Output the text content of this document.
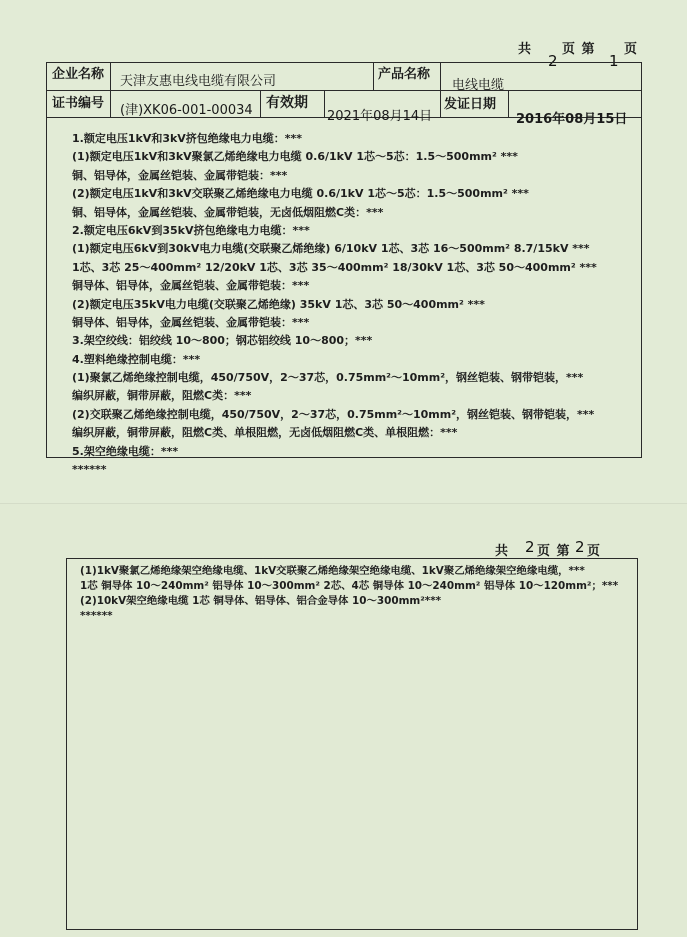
共 页 第 页
2	1
企业名称 天津友惠电线电缆有限公司	产品名称
电线电缆
证书编号 (津)XK06-001-00034 有效期
2021年08月14日
发证日期
2016年08月15日
1.额定电压1kV和3kV挤包绝缘电力电缆：***
(1)额定电压1kV和3kV聚氯乙烯绝缘电力电缆 0.6/1kV 1芯～5芯：1.5～500mm² ***
铜、铝导体，金属丝铠装、金属带铠装：***
(2)额定电压1kV和3kV交联聚乙烯绝缘电力电缆 0.6/1kV 1芯～5芯：1.5～500mm² ***
铜、铝导体，金属丝铠装、金属带铠装，无卤低烟阻燃C类：***
2.额定电压6kV到35kV挤包绝缘电力电缆：***
(1)额定电压6kV到30kV电力电缆(交联聚乙烯绝缘) 6/10kV 1芯、3芯 16～500mm² 8.7/15kV ***
1芯、3芯 25～400mm² 12/20kV 1芯、3芯 35～400mm² 18/30kV 1芯、3芯 50～400mm² ***
铜导体、铝导体，金属丝铠装、金属带铠装：***
(2)额定电压35kV电力电缆(交联聚乙烯绝缘) 35kV 1芯、3芯 50～400mm² ***
铜导体、铝导体，金属丝铠装、金属带铠装：***
3.架空绞线：铝绞线 10～800；钢芯铝绞线 10～800；***
4.塑料绝缘控制电缆：***
(1)聚氯乙烯绝缘控制电缆，450/750V，2～37芯，0.75mm²～10mm²，钢丝铠装、钢带铠装，***
编织屏蔽，铜带屏蔽，阻燃C类：***
(2)交联聚乙烯绝缘控制电缆，450/750V，2～37芯，0.75mm²～10mm²，钢丝铠装、钢带铠装，***
编织屏蔽，铜带屏蔽，阻燃C类、单根阻燃，无卤低烟阻燃C类、单根阻燃：***
5.架空绝缘电缆：***
******
共 2 页 第 2 页
(1)1kV聚氯乙烯绝缘架空绝缘电缆、1kV交联聚乙烯绝缘架空绝缘电缆、1kV聚乙烯绝缘架空绝缘电缆，***
1芯 铜导体 10～240mm² 铝导体 10～300mm² 2芯、4芯 铜导体 10～240mm² 铝导体 10～120mm²；***
(2)10kV架空绝缘电缆 1芯 铜导体、铝导体、铝合金导体 10～300mm²***
******
